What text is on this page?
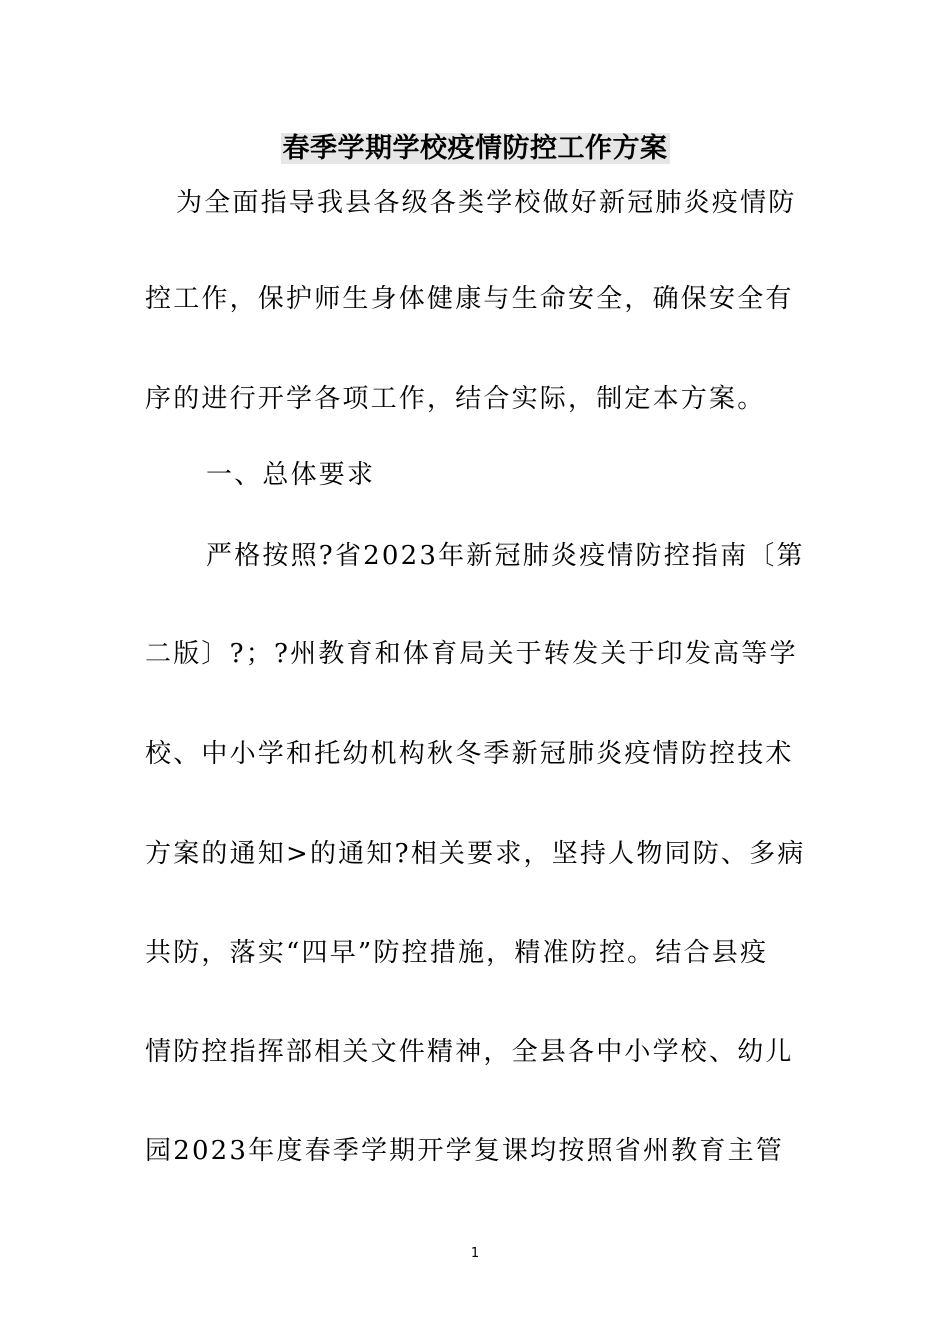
春季学期学校疫情防控工作方案
为全面指导我县各级各类学校做好新冠肺炎疫情防
控工作，保护师生身体健康与生命安全，确保安全有
序的进行开学各项工作，结合实际，制定本方案。
一、总体要求
严格按照?省2023年新冠肺炎疫情防控指南〔第
二版〕?；?州教育和体育局关于转发关于印发高等学
校、中小学和托幼机构秋冬季新冠肺炎疫情防控技术
方案的通知>的通知?相关要求，坚持人物同防、多病
共防，落实“四早”防控措施，精准防控。结合县疫
情防控指挥部相关文件精神，全县各中小学校、幼儿
园2023年度春季学期开学复课均按照省州教育主管
1
